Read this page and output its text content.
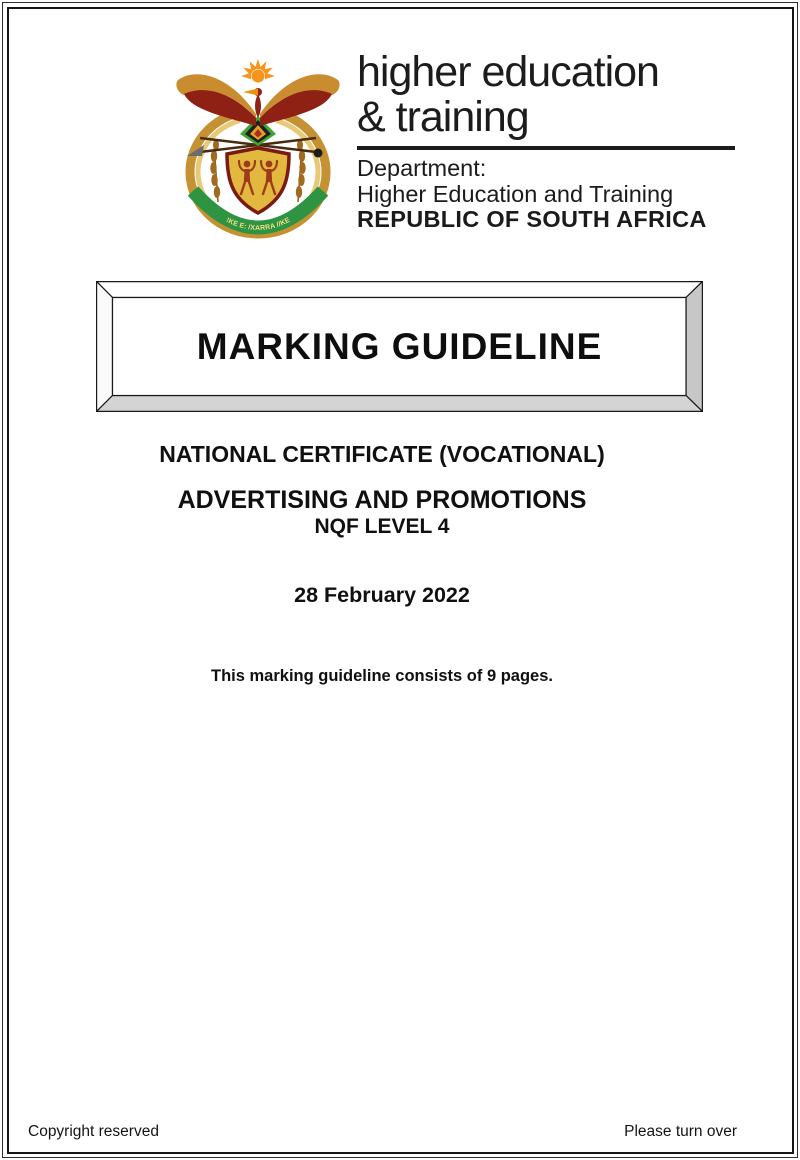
!KE E: /XARRA //KE
higher education
& training
Department:
Higher Education and Training
REPUBLIC OF SOUTH AFRICA
MARKING GUIDELINE
NATIONAL CERTIFICATE (VOCATIONAL)
ADVERTISING AND PROMOTIONS
NQF LEVEL 4
28 February 2022
This marking guideline consists of 9 pages.
Copyright reserved	Please turn over
